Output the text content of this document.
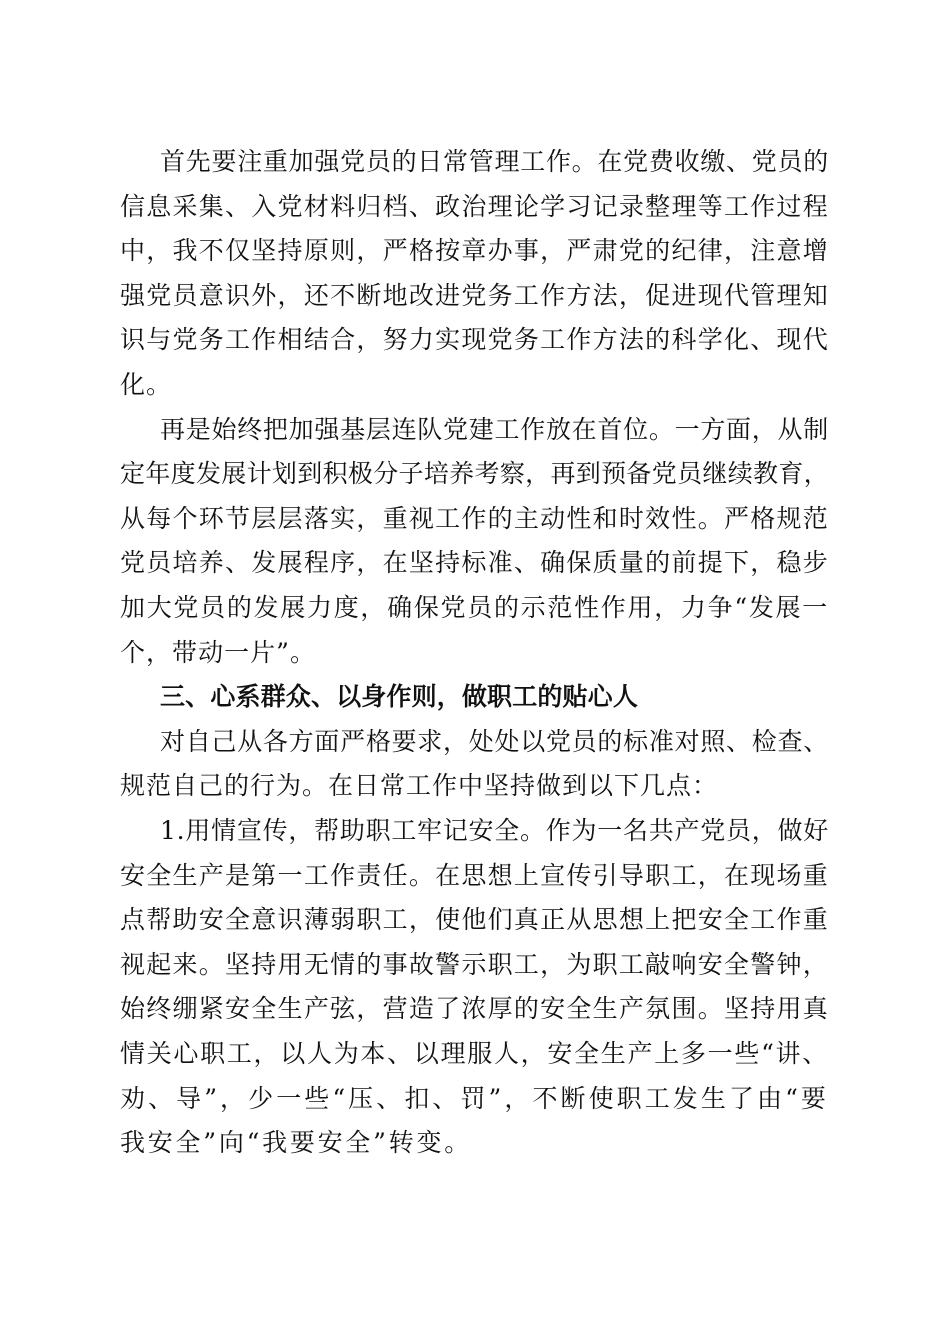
首先要注重加强党员的日常管理工作。在党费收缴、党员的
信息采集、入党材料归档、政治理论学习记录整理等工作过程
中，我不仅坚持原则，严格按章办事，严肃党的纪律，注意增
强党员意识外，还不断地改进党务工作方法，促进现代管理知
识与党务工作相结合，努力实现党务工作方法的科学化、现代
化。
再是始终把加强基层连队党建工作放在首位。一方面，从制
定年度发展计划到积极分子培养考察，再到预备党员继续教育，
从每个环节层层落实，重视工作的主动性和时效性。严格规范
党员培养、发展程序，在坚持标准、确保质量的前提下，稳步
加大党员的发展力度，确保党员的示范性作用，力争“发展一
个，带动一片”。
三、心系群众、以身作则，做职工的贴心人
对自己从各方面严格要求，处处以党员的标准对照、检查、
规范自己的行为。在日常工作中坚持做到以下几点：
1.用情宣传，帮助职工牢记安全。作为一名共产党员，做好
安全生产是第一工作责任。在思想上宣传引导职工，在现场重
点帮助安全意识薄弱职工，使他们真正从思想上把安全工作重
视起来。坚持用无情的事故警示职工，为职工敲响安全警钟，
始终绷紧安全生产弦，营造了浓厚的安全生产氛围。坚持用真
情关心职工，以人为本、以理服人，安全生产上多一些“讲、
劝、导”，少一些“压、扣、罚”，不断使职工发生了由“要
我安全”向“我要安全”转变。
